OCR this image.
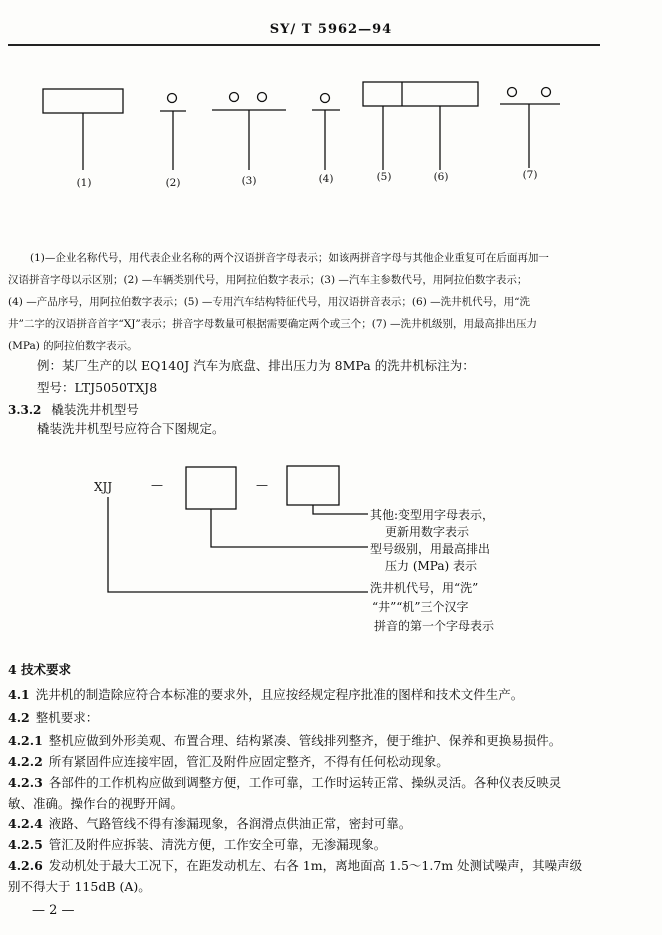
SY/ T 5962—94
(1)	(2)	(3)	(4)	(5)	(6)	(7)
(1)—企业名称代号，用代表企业名称的两个汉语拼音字母表示；如该两拼音字母与其他企业重复可在后面再加一
汉语拼音字母以示区别；(2) —车辆类别代号，用阿拉伯数字表示；(3) —汽车主参数代号，用阿拉伯数字表示；
(4) —产品序号，用阿拉伯数字表示；(5) —专用汽车结构特征代号，用汉语拼音表示；(6) —洗井机代号，用“洗
井”二字的汉语拼音首字“XJ”表示；拼音字母数量可根据需要确定两个或三个；(7) —洗井机级别，用最高排出压力
(MPa) 的阿拉伯数字表示。
例：某厂生产的以 EQ140J 汽车为底盘、排出压力为 8MPa 的洗井机标注为：
型号：LTJ5050TXJ8
3.3.2 橇装洗井机型号
橇装洗井机型号应符合下图规定。
XJJ	—	—
其他:变型用字母表示，
更新用数字表示
型号级别，用最高排出
压力 (MPa) 表示
洗井机代号，用“洗”
“井”“机”三个汉字
拼音的第一个字母表示
4 技术要求
4.1 洗井机的制造除应符合本标准的要求外，且应按经规定程序批准的图样和技术文件生产。
4.2 整机要求：
4.2.1 整机应做到外形美观、布置合理、结构紧凑、管线排列整齐，便于维护、保养和更换易损件。
4.2.2 所有紧固件应连接牢固，管汇及附件应固定整齐，不得有任何松动现象。
4.2.3 各部件的工作机构应做到调整方便，工作可靠，工作时运转正常、操纵灵活。各种仪表反映灵
敏、准确。操作台的视野开阔。
4.2.4 液路、气路管线不得有渗漏现象，各润滑点供油正常，密封可靠。
4.2.5 管汇及附件应拆装、清洗方便，工作安全可靠，无渗漏现象。
4.2.6 发动机处于最大工况下，在距发动机左、右各 1m，离地面高 1.5～1.7m 处测试噪声，其噪声级
别不得大于 115dB (A)。
— 2 —
